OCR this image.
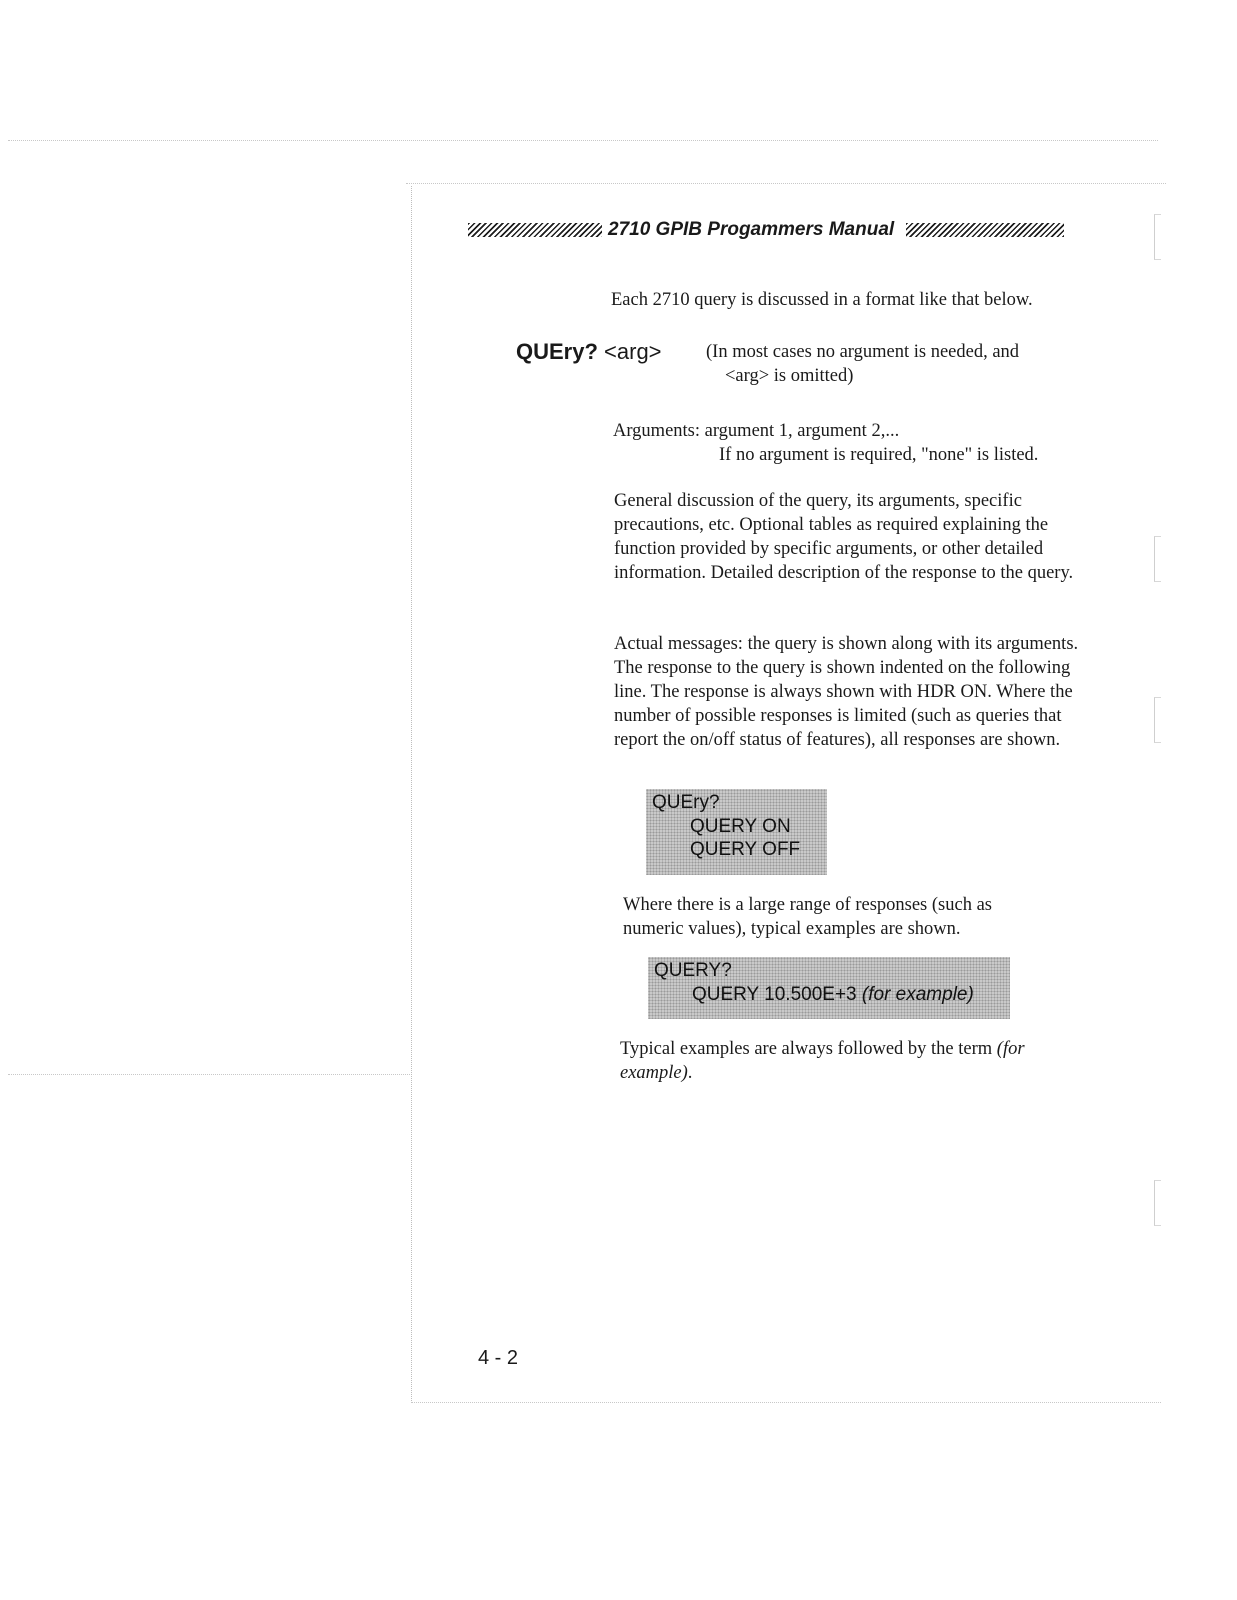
2710 GPIB Progammers Manual
Each 2710 query is discussed in a format like that below.
QUEry? <arg> (In most cases no argument is needed, and
<arg> is omitted)
Arguments: argument 1, argument 2,...
If no argument is required, "none" is listed.
General discussion of the query, its arguments, specific precautions, etc. Optional tables as required explaining the function provided by specific arguments, or other detailed information. Detailed description of the response to the query.
Actual messages: the query is shown along with its arguments. The response to the query is shown indented on the following line. The response is always shown with HDR ON. Where the number of possible responses is limited (such as queries that report the on/off status of features), all responses are shown.
QUEry?
QUERY ON
QUERY OFF
Where there is a large range of responses (such as numeric values), typical examples are shown.
QUERY?
QUERY 10.500E+3 (for example)
Typical examples are always followed by the term (for example).
4 - 2
